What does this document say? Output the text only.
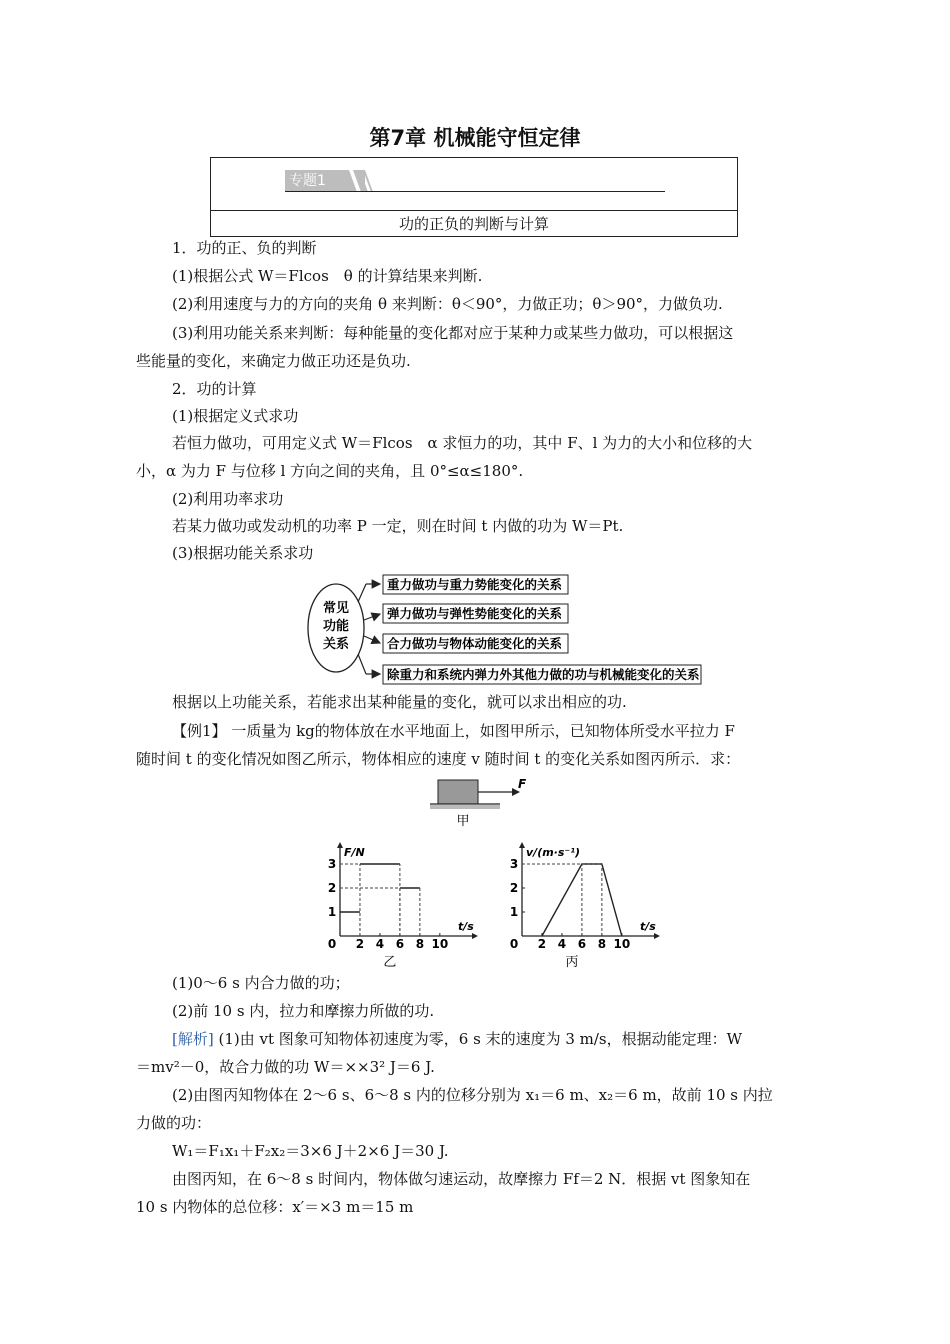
第7章 机械能守恒定律
专题1
功的正负的判断与计算
1．功的正、负的判断
(1)根据公式 W＝Flcos　θ 的计算结果来判断.
(2)利用速度与力的方向的夹角 θ 来判断：θ＜90°，力做正功；θ＞90°，力做负功.
(3)利用功能关系来判断：每种能量的变化都对应于某种力或某些力做功，可以根据这
些能量的变化，来确定力做正功还是负功.
2．功的计算
(1)根据定义式求功
若恒力做功，可用定义式 W＝Flcos　α 求恒力的功，其中 F、l 为力的大小和位移的大
小，α 为力 F 与位移 l 方向之间的夹角，且 0°≤α≤180°.
(2)利用功率求功
若某力做功或发动机的功率 P 一定，则在时间 t 内做的功为 W＝Pt.
(3)根据功能关系求功
常见
功能
关系
重力做功与重力势能变化的关系
弹力做功与弹性势能变化的关系
合力做功与物体动能变化的关系
除重力和系统内弹力外其他力做的功与机械能变化的关系
根据以上功能关系，若能求出某种能量的变化，就可以求出相应的功.
【例1】 一质量为 kg的物体放在水平地面上，如图甲所示，已知物体所受水平拉力 F
随时间 t 的变化情况如图乙所示，物体相应的速度 v 随时间 t 的变化关系如图丙所示．求：
F
甲
F/N
t/s
0 2 4 6 8 10
1
2
3
乙
v/(m·s⁻¹)
t/s
0 2 4 6 8 10
1
2
3
丙
(1)0～6 s 内合力做的功；
(2)前 10 s 内，拉力和摩擦力所做的功.
[解析] (1)由 vt 图象可知物体初速度为零，6 s 末的速度为 3 m/s，根据动能定理：W
＝mv²－0，故合力做的功 W＝××3² J＝6 J.
(2)由图丙知物体在 2～6 s、6～8 s 内的位移分别为 x₁＝6 m、x₂＝6 m，故前 10 s 内拉
力做的功：
W₁＝F₁x₁＋F₂x₂＝3×6 J＋2×6 J＝30 J.
由图丙知，在 6～8 s 时间内，物体做匀速运动，故摩擦力 Ff＝2 N．根据 vt 图象知在
10 s 内物体的总位移：x′＝×3 m＝15 m
